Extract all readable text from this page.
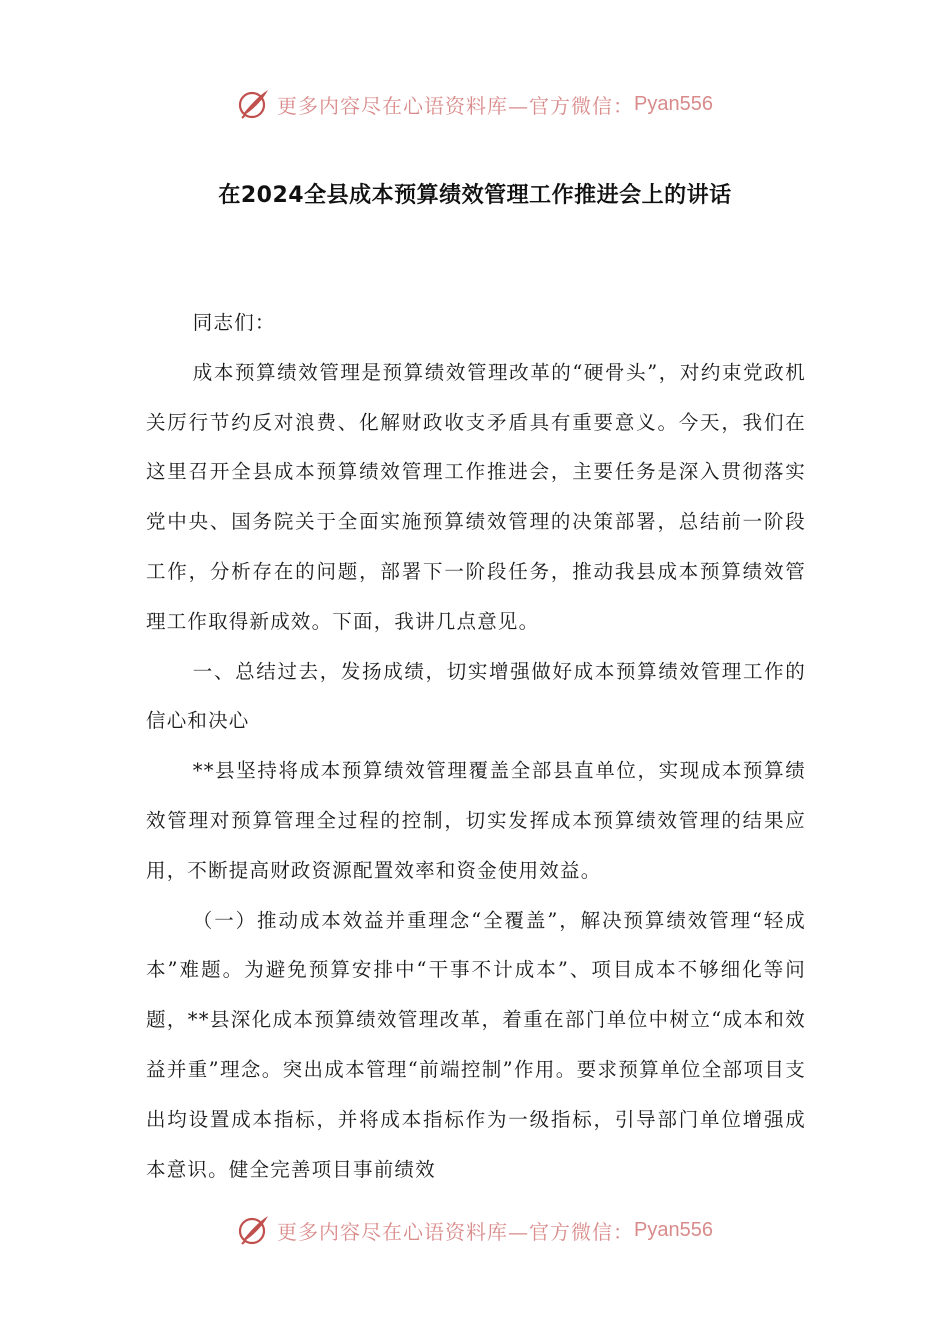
更多内容尽在心语资料库—官方微信： Pyan556
在2024全县成本预算绩效管理工作推进会上的讲话

同志们：

成本预算绩效管理是预算绩效管理改革的“硬骨头”，对约束党政机关厉行节约反对浪费、化解财政收支矛盾具有重要意义。今天，我们在这里召开全县成本预算绩效管理工作推进会，主要任务是深入贯彻落实党中央、国务院关于全面实施预算绩效管理的决策部署，总结前一阶段工作，分析存在的问题，部署下一阶段任务，推动我县成本预算绩效管理工作取得新成效。下面，我讲几点意见。

一、总结过去，发扬成绩，切实增强做好成本预算绩效管理工作的信心和决心

**县坚持将成本预算绩效管理覆盖全部县直单位，实现成本预算绩效管理对预算管理全过程的控制，切实发挥成本预算绩效管理的结果应用，不断提高财政资源配置效率和资金使用效益。

（一）推动成本效益并重理念“全覆盖”，解决预算绩效管理“轻成本”难题。为避免预算安排中“干事不计成本”、项目成本不够细化等问题，**县深化成本预算绩效管理改革，着重在部门单位中树立“成本和效益并重”理念。突出成本管理“前端控制”作用。要求预算单位全部项目支出均设置成本指标，并将成本指标作为一级指标，引导部门单位增强成本意识。健全完善项目事前绩效

更多内容尽在心语资料库—官方微信： Pyan556
